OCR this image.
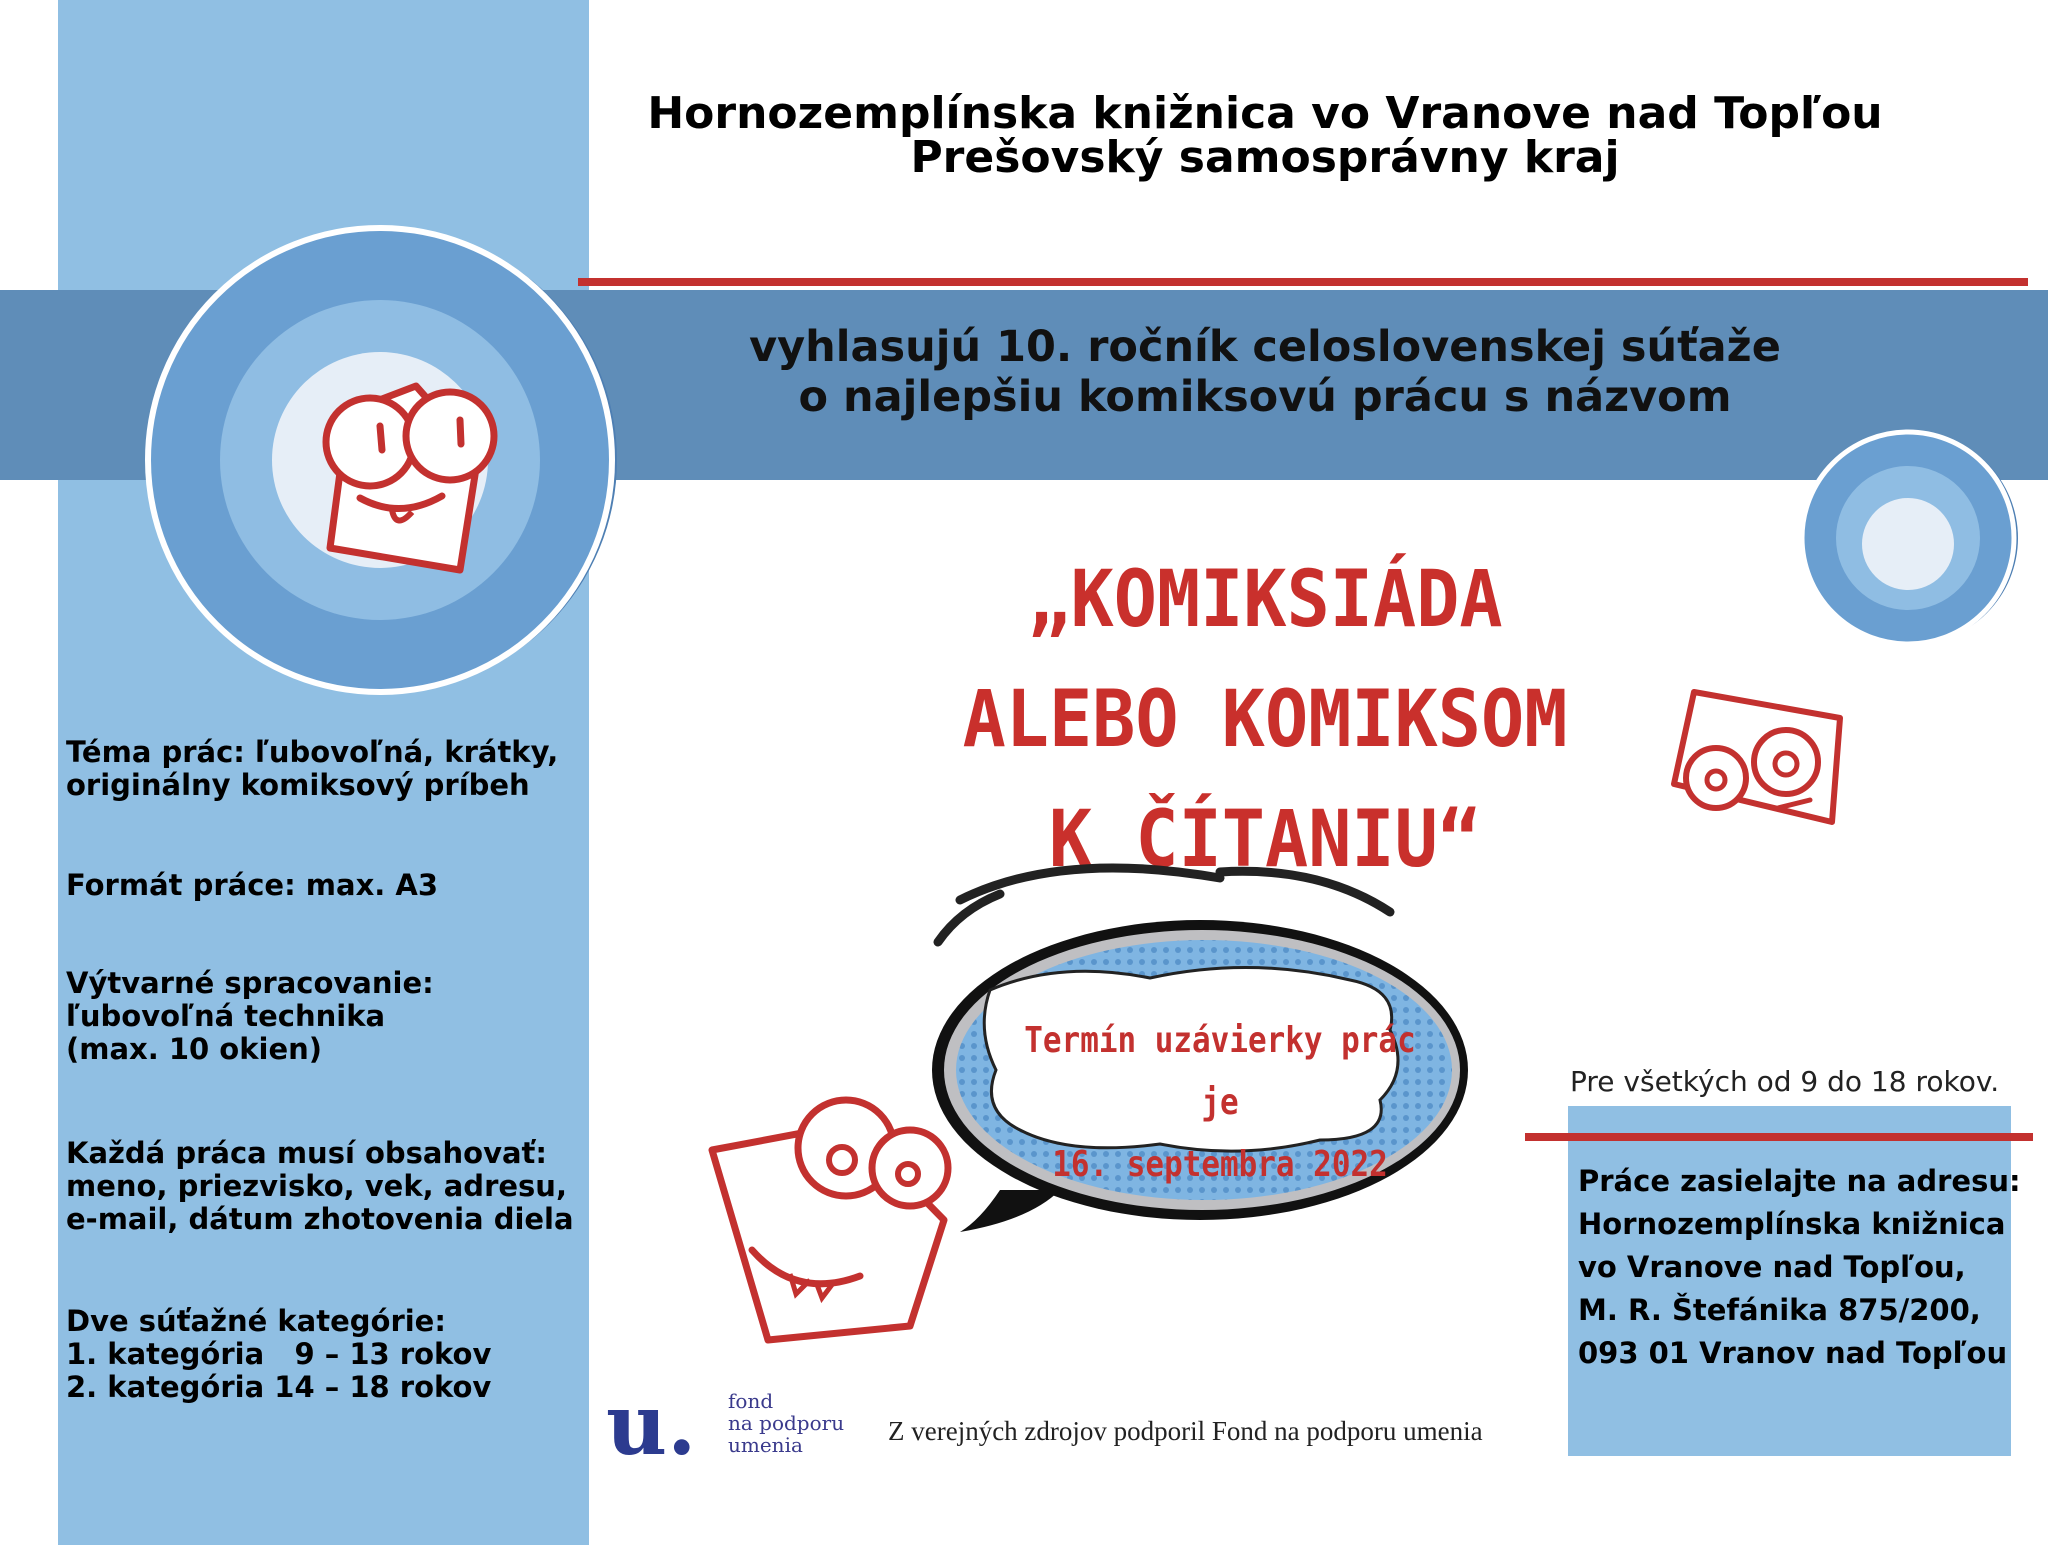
Hornozemplínska knižnica vo Vranove nad Topľou
Prešovský samosprávny kraj
vyhlasujú 10. ročník celoslovenskej súťaže
o najlepšiu komiksovú prácu s názvom
„KOMIKSIÁDA
ALEBO KOMIKSOM
K ČÍTANIU“
Termín uzávierky prác je
16. septembra 2022
Téma prác: ľubovoľná, krátky,
originálny komiksový príbeh
Formát práce: max. A3
Výtvarné spracovanie:
ľubovoľná technika
(max. 10 okien)
Každá práca musí obsahovať:
meno, priezvisko, vek, adresu,
e-mail, dátum zhotovenia diela
Dve súťažné kategórie:
1. kategória   9 – 13 rokov
2. kategória 14 – 18 rokov
Pre všetkých od 9 do 18 rokov.
Práce zasielajte na adresu:
Hornozemplínska knižnica
vo Vranove nad Topľou,
M. R. Štefánika 875/200,
093 01 Vranov nad Topľou
u. fond
na podporu
umenia	Z verejných zdrojov podporil Fond na podporu umenia
